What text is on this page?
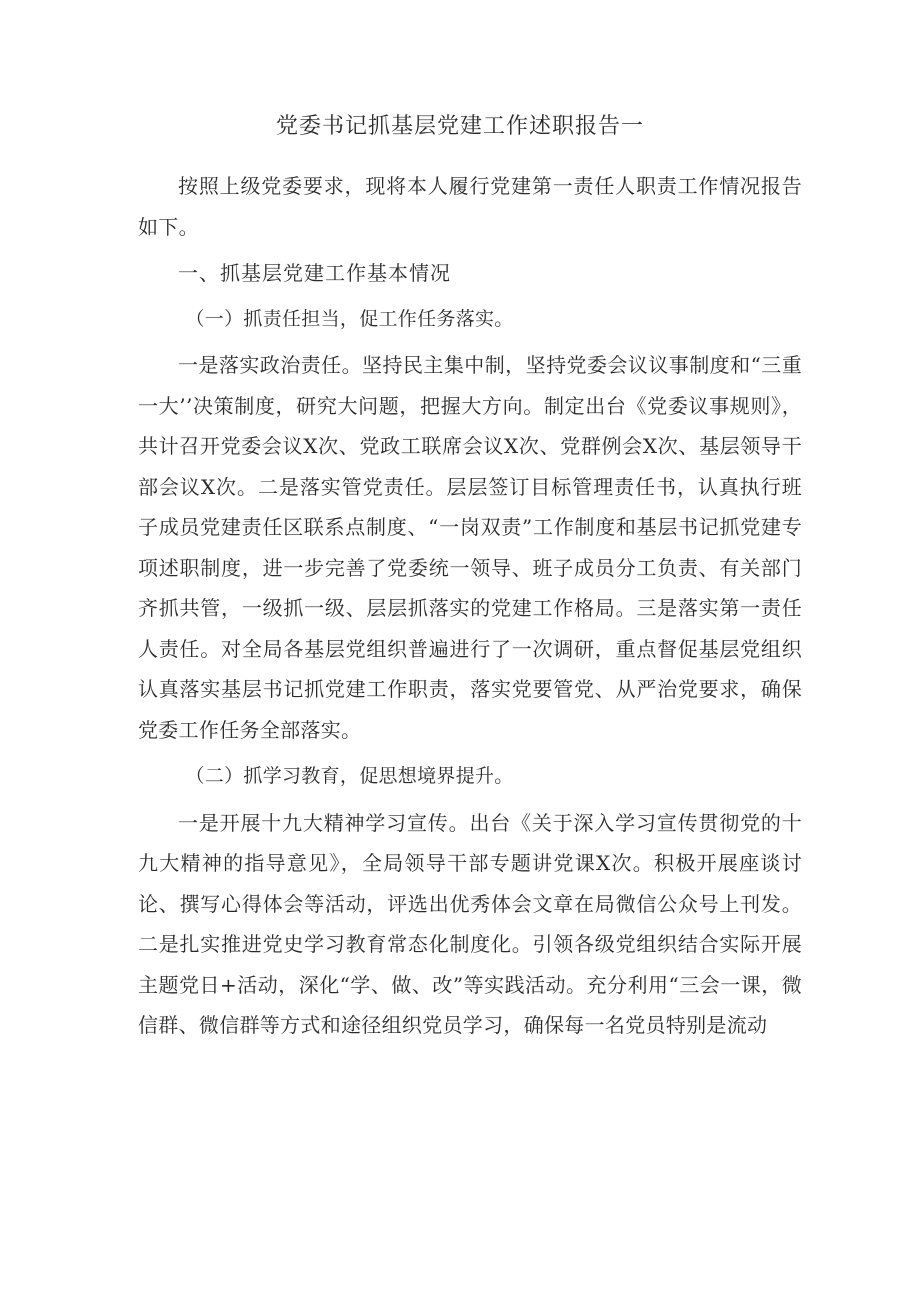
党委书记抓基层党建工作述职报告一

按照上级党委要求，现将本人履行党建第一责任人职责工作情况报告如下。

一、抓基层党建工作基本情况

（一）抓责任担当，促工作任务落实。

一是落实政治责任。坚持民主集中制，坚持党委会议议事制度和“三重一大’’决策制度，研究大问题，把握大方向。制定出台《党委议事规则》，共计召开党委会议X次、党政工联席会议X次、党群例会X次、基层领导干部会议X次。二是落实管党责任。层层签订目标管理责任书，认真执行班子成员党建责任区联系点制度、“一岗双责”工作制度和基层书记抓党建专项述职制度，进一步完善了党委统一领导、班子成员分工负责、有关部门齐抓共管，一级抓一级、层层抓落实的党建工作格局。三是落实第一责任人责任。对全局各基层党组织普遍进行了一次调研，重点督促基层党组织认真落实基层书记抓党建工作职责，落实党要管党、从严治党要求，确保党委工作任务全部落实。

（二）抓学习教育，促思想境界提升。

一是开展十九大精神学习宣传。出台《关于深入学习宣传贯彻党的十九大精神的指导意见》，全局领导干部专题讲党课X次。积极开展座谈讨论、撰写心得体会等活动，评选出优秀体会文章在局微信公众号上刊发。二是扎实推进党史学习教育常态化制度化。引领各级党组织结合实际开展主题党日+活动，深化“学、做、改”等实践活动。充分利用“三会一课，微信群、微信群等方式和途径组织党员学习，确保每一名党员特别是流动
